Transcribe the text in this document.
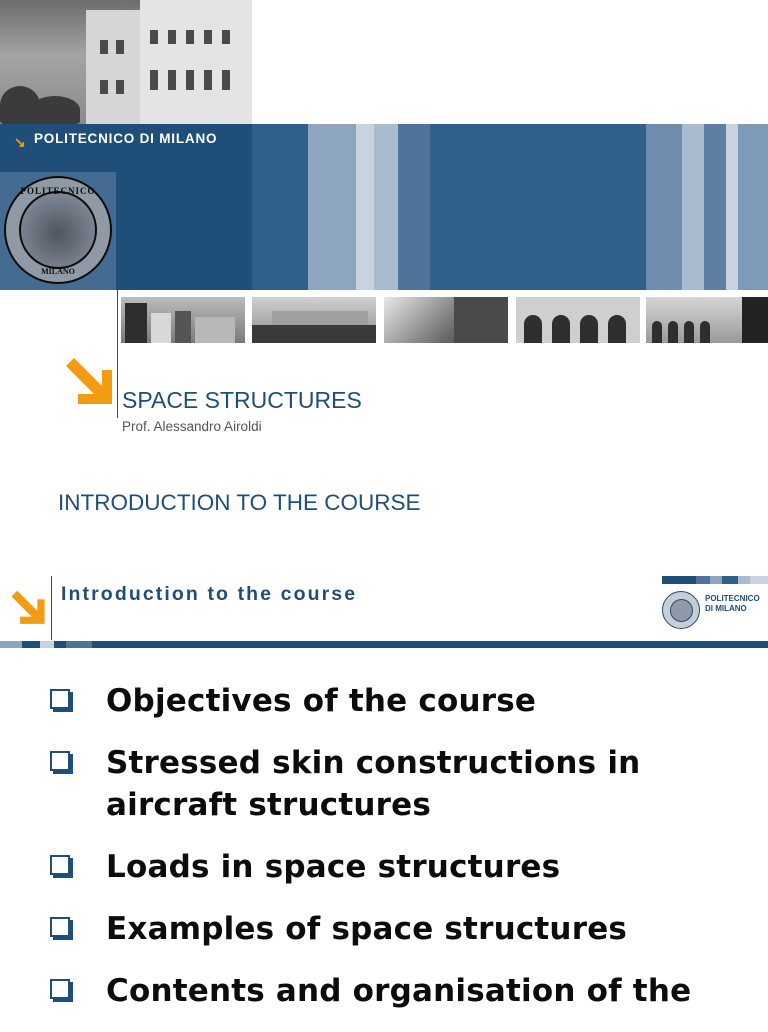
POLITECNICO
MILANO
↘ POLITECNICO DI MILANO
SPACE STRUCTURES
Prof. Alessandro Airoldi
INTRODUCTION TO THE COURSE
Introduction to the course	POLITECNICO
DI MILANO
Objectives of the course
Stressed skin constructions in aircraft structures
Loads in space structures
Examples of space structures
Contents and organisation of the
